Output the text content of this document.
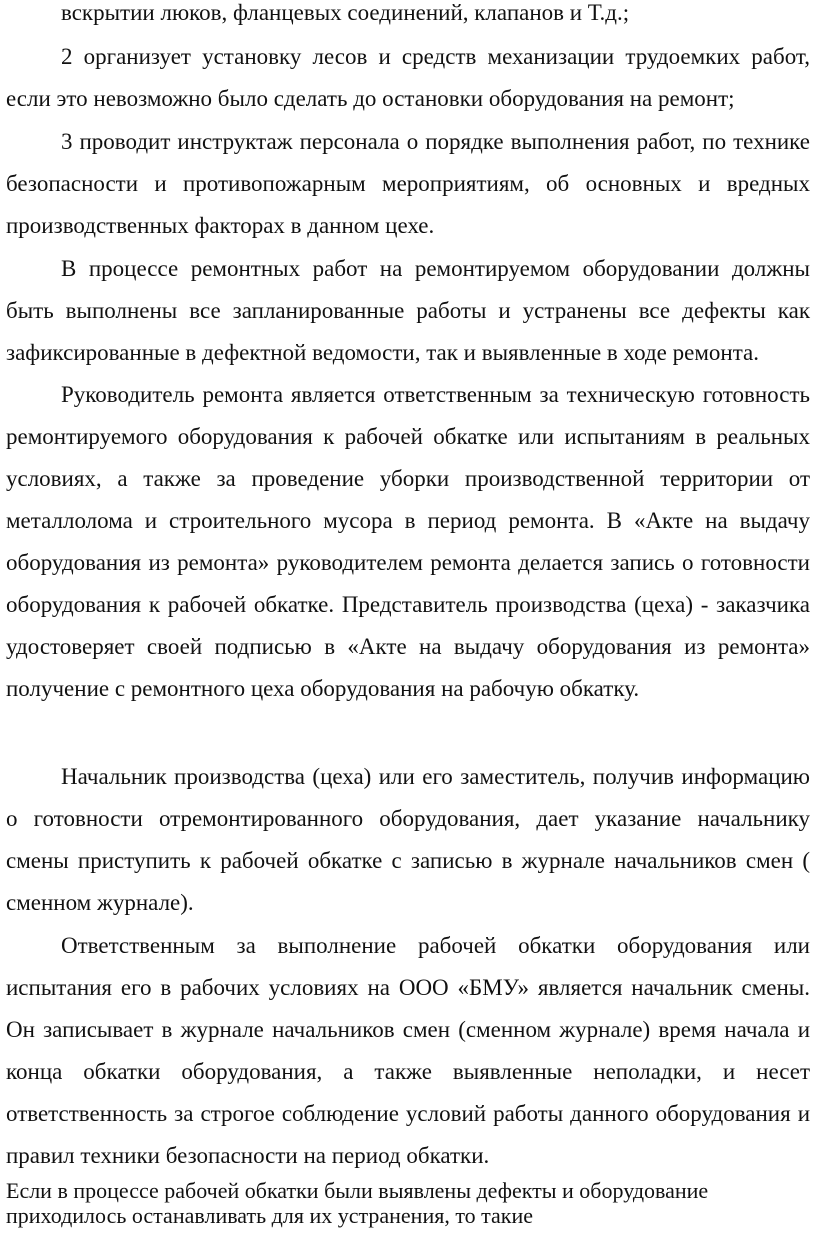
вскрытии люков, фланцевых соединений, клапанов и Т.д.;

2 организует установку лесов и средств механизации трудоемких работ, если это невозможно было сделать до остановки оборудования на ремонт;

3 проводит инструктаж персонала о порядке выполнения работ, по технике безопасности и противопожарным мероприятиям, об основных и вредных производственных факторах в данном цехе.

В процессе ремонтных работ на ремонтируемом оборудовании должны быть выполнены все запланированные работы и устранены все дефекты как зафиксированные в дефектной ведомости, так и выявленные в ходе ремонта.

Руководитель ремонта является ответственным за техническую готовность ремонтируемого оборудования к рабочей обкатке или испытаниям в реальных условиях, а также за проведение уборки производственной территории от металлолома и строительного мусора в период ремонта. В «Акте на выдачу оборудования из ремонта» руководителем ремонта делается запись о готовности оборудования к рабочей обкатке. Представитель производства (цеха) - заказчика удостоверяет своей подписью в «Акте на выдачу оборудования из ремонта» получение с ремонтного цеха оборудования на рабочую обкатку.

Начальник производства (цеха) или его заместитель, получив информацию о готовности отремонтированного оборудования, дает указание начальнику смены приступить к рабочей обкатке с записью в журнале начальников смен ( сменном журнале).

Ответственным за выполнение рабочей обкатки оборудования или испытания его в рабочих условиях на ООО «БМУ» является начальник смены. Он записывает в журнале начальников смен (сменном журнале) время начала и конца обкатки оборудования, а также выявленные неполадки, и несет ответственность за строгое соблюдение условий работы данного оборудования и правил техники безопасности на период обкатки.

Если в процессе рабочей обкатки были выявлены дефекты и оборудование приходилось останавливать для их устранения, то такие
